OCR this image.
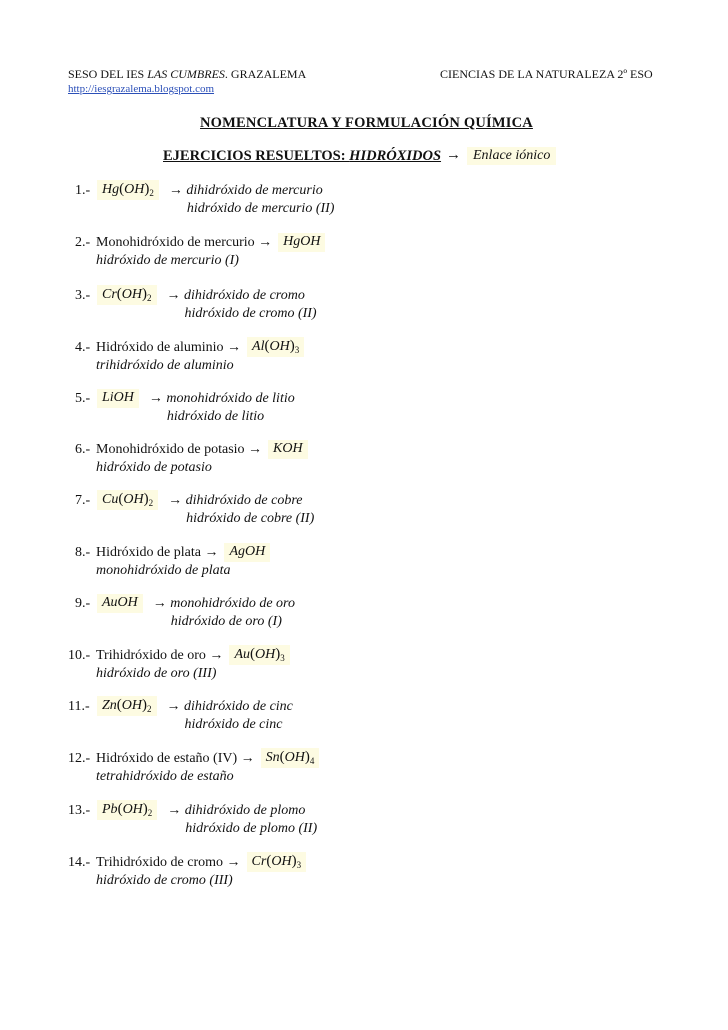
SESO DEL IES LAS CUMBRES. GRAZALEMA	CIENCIAS DE LA NATURALEZA 2º ESO
http://iesgrazalema.blogspot.com
NOMENCLATURA Y FORMULACIÓN QUÍMICA
EJERCICIOS RESUELTOS: HIDRÓXIDOS → Enlace iónico
1.- $Hg(OH)_2$	→ dihidróxido de mercurio
hidróxido de mercurio (II)
2.- Monohidróxido de mercurio → HgOH
hidróxido de mercurio (I)
3.- $Cr(OH)_2$	→ dihidróxido de cromo
hidróxido de cromo (II)
4.- Hidróxido de aluminio → $Al(OH)_3$
trihidróxido de aluminio
5.- LiOH	→ monohidróxido de litio
hidróxido de litio
6.- Monohidróxido de potasio → KOH
hidróxido de potasio
7.- $Cu(OH)_2$	→ dihidróxido de cobre
hidróxido de cobre (II)
8.- Hidróxido de plata → AgOH
monohidróxido de plata
9.- AuOH	→ monohidróxido de oro
hidróxido de oro (I)
10.- Trihidróxido de oro → $Au(OH)_3$
hidróxido de oro (III)
11.- $Zn(OH)_2$	→ dihidróxido de cinc
hidróxido de cinc
12.- Hidróxido de estaño $(IV) \to Sn(OH)_4$
tetrahidróxido de estaño
13.- $Pb(OH)_2$	→ dihidróxido de plomo
hidróxido de plomo (II)
14.- Trihidróxido de cromo → $Cr(OH)_3$
hidróxido de cromo (III)
